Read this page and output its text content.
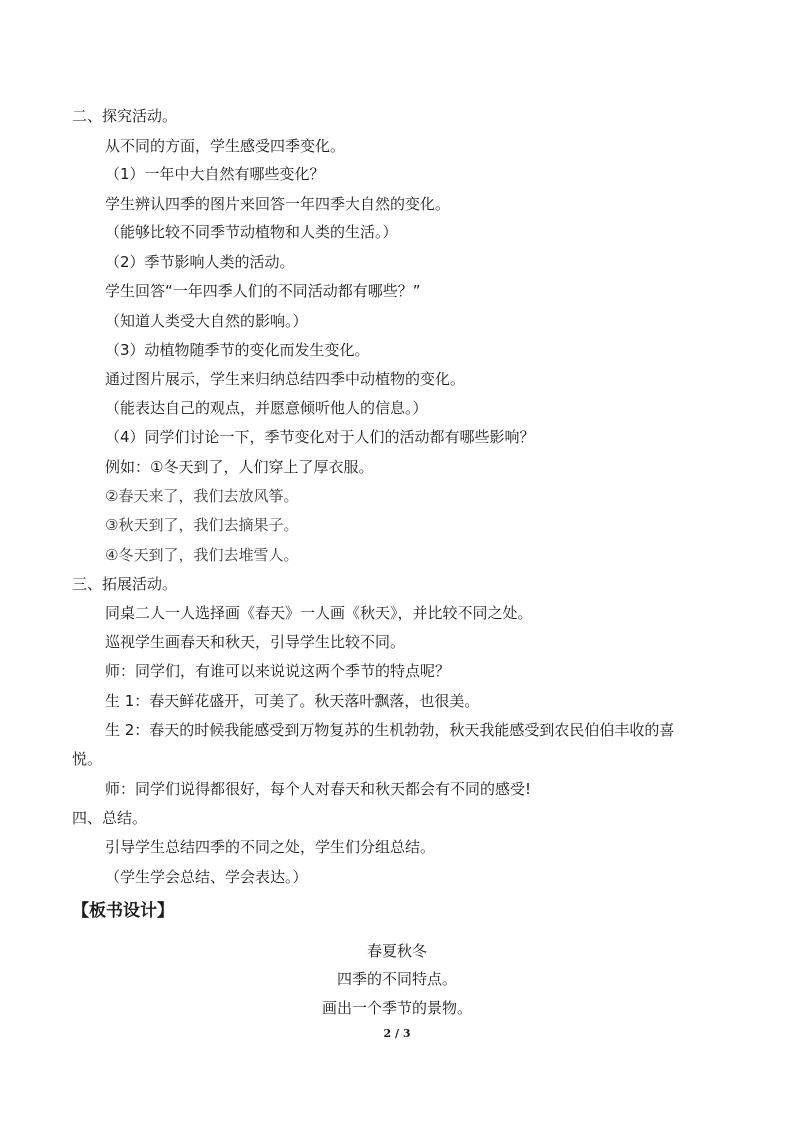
二、探究活动。
从不同的方面，学生感受四季变化。
（1）一年中大自然有哪些变化？
学生辨认四季的图片来回答一年四季大自然的变化。
（能够比较不同季节动植物和人类的生活。）
（2）季节影响人类的活动。
学生回答“一年四季人们的不同活动都有哪些？”
（知道人类受大自然的影响。）
（3）动植物随季节的变化而发生变化。
通过图片展示，学生来归纳总结四季中动植物的变化。
（能表达自己的观点，并愿意倾听他人的信息。）
（4）同学们讨论一下，季节变化对于人们的活动都有哪些影响？
例如：①冬天到了，人们穿上了厚衣服。
②春天来了，我们去放风筝。
③秋天到了，我们去摘果子。
④冬天到了，我们去堆雪人。
三、拓展活动。
同桌二人一人选择画《春天》一人画《秋天》，并比较不同之处。
巡视学生画春天和秋天，引导学生比较不同。
师：同学们，有谁可以来说说这两个季节的特点呢？
生 1：春天鲜花盛开，可美了。秋天落叶飘落，也很美。
生 2：春天的时候我能感受到万物复苏的生机勃勃，秋天我能感受到农民伯伯丰收的喜
悦。
师：同学们说得都很好，每个人对春天和秋天都会有不同的感受!
四、总结。
引导学生总结四季的不同之处，学生们分组总结。
（学生学会总结、学会表达。）
【板书设计】
春夏秋冬
四季的不同特点。
画出一个季节的景物。
2 / 3
